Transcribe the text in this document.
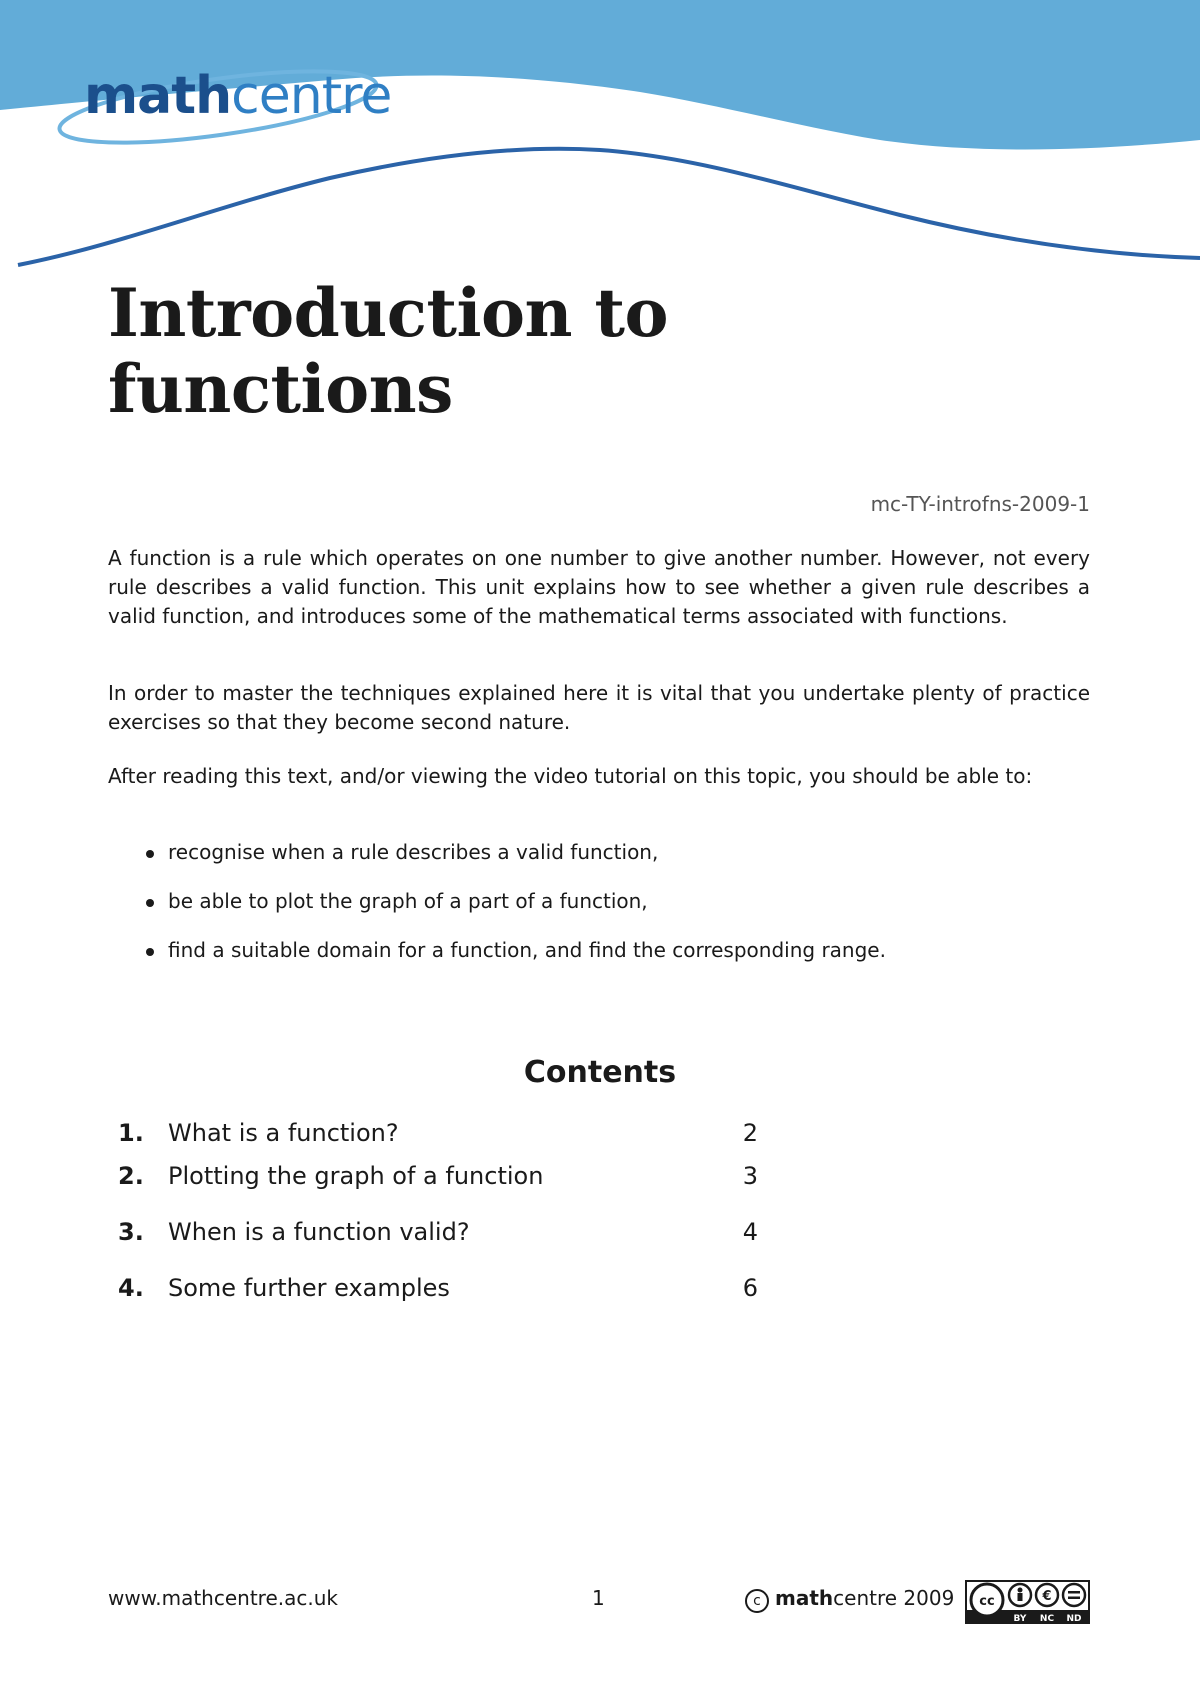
mathcentre
Introduction to
functions
mc-TY-introfns-2009-1

A function is a rule which operates on one number to give another number. However, not every rule describes a valid function. This unit explains how to see whether a given rule describes a valid function, and introduces some of the mathematical terms associated with functions.

In order to master the techniques explained here it is vital that you undertake plenty of practice exercises so that they become second nature.

After reading this text, and/or viewing the video tutorial on this topic, you should be able to:

recognise when a rule describes a valid function,
be able to plot the graph of a part of a function,
find a suitable domain for a function, and find the corresponding range.
Contents
1. What is a function?	2
2. Plotting the graph of a function	3
3. When is a function valid?	4
4. Some further examples	6
www.mathcentre.ac.uk	1	c mathcentre 2009 cc	€
BY NC ND
